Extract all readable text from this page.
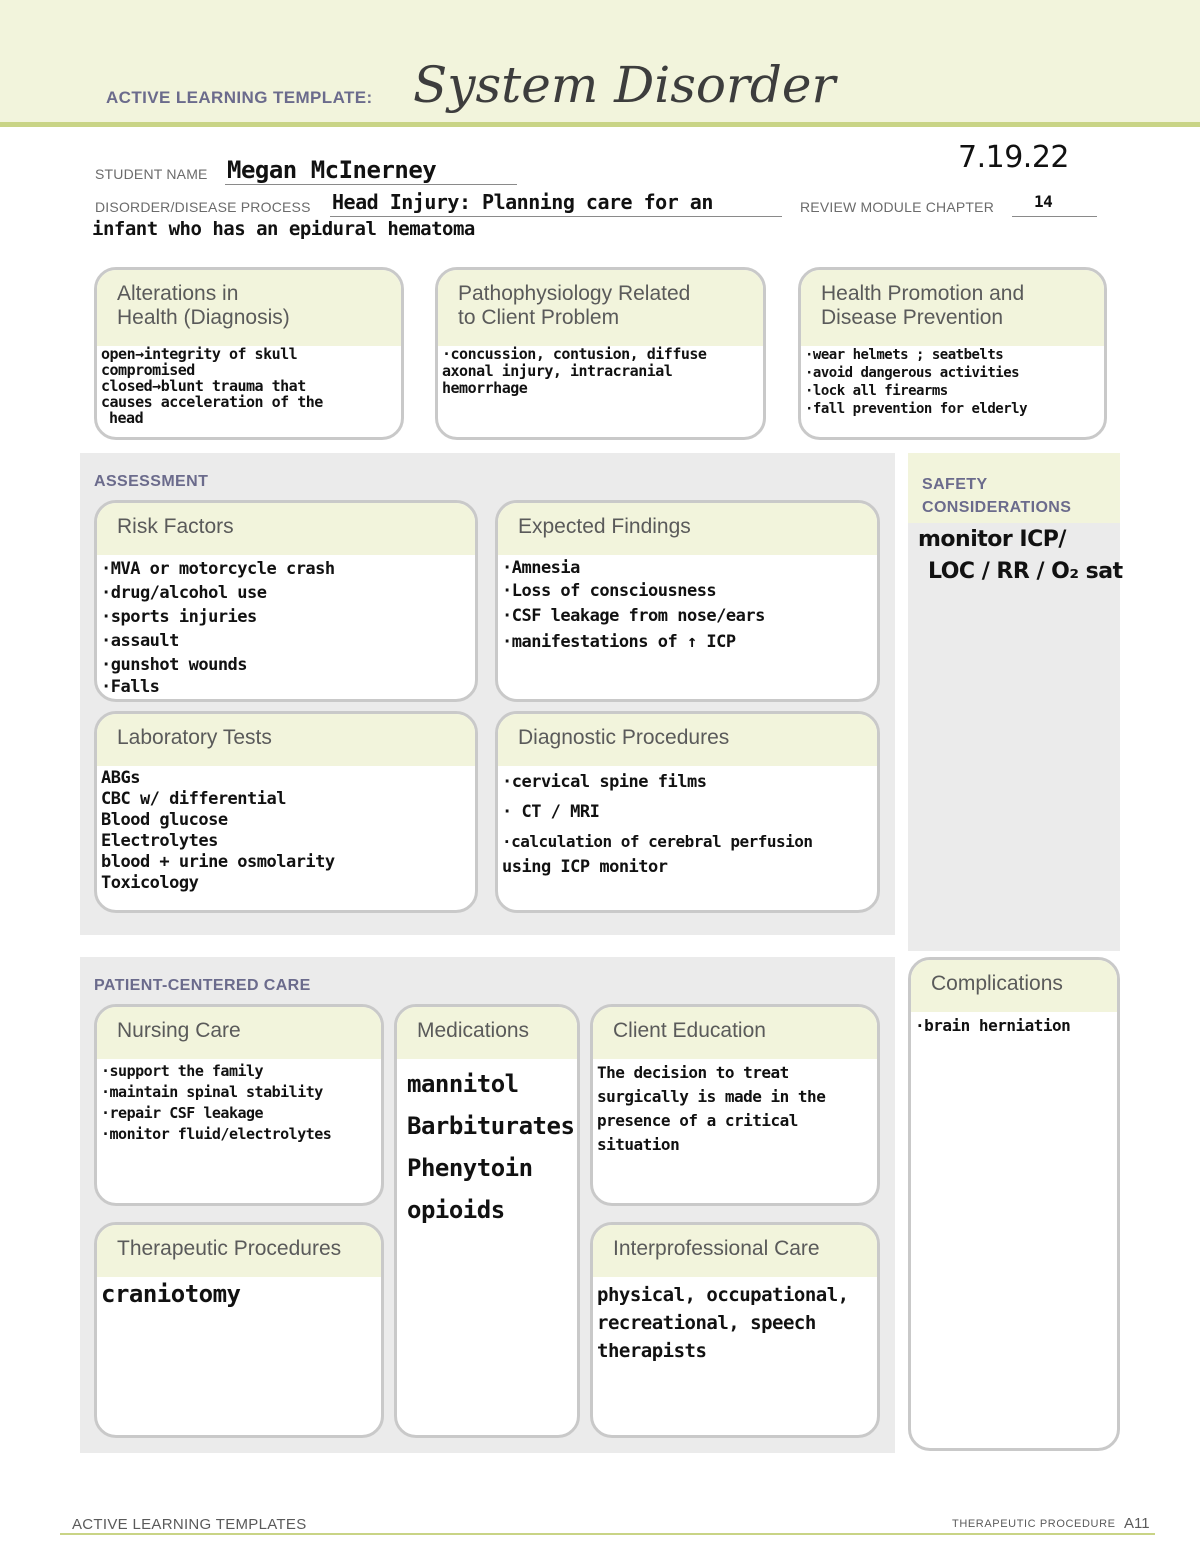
ACTIVE LEARNING TEMPLATE: System Disorder
STUDENT NAME Megan McInerney	7.19.22
DISORDER/DISEASE PROCESS Head Injury: Planning care for an	REVIEW MODULE CHAPTER	14
infant who has an epidural hematoma
Alterations in
Health (Diagnosis)
open→integrity of skull
compromised
closed→blunt trauma that
causes acceleration of the
head
Pathophysiology Related
to Client Problem
·concussion, contusion, diffuse
axonal injury, intracranial
hemorrhage
Health Promotion and
Disease Prevention
·wear helmets ; seatbelts
·avoid dangerous activities
·lock all firearms
·fall prevention for elderly
ASSESSMENT
Risk Factors
·MVA or motorcycle crash
·drug/alcohol use
·sports injuries
·assault
·gunshot wounds
·Falls
Expected Findings
·Amnesia
·Loss of consciousness
·CSF leakage from nose/ears
·manifestations of ↑ ICP
Laboratory Tests
ABGs
CBC w/ differential
Blood glucose
Electrolytes
blood + urine osmolarity
Toxicology
Diagnostic Procedures
·cervical spine films
· CT / MRI
·calculation of cerebral perfusion
using ICP monitor
SAFETY
CONSIDERATIONS
monitor ICP/
LOC / RR / O₂ sat
PATIENT-CENTERED CARE
Nursing Care
·support the family
·maintain spinal stability
·repair CSF leakage
·monitor fluid/electrolytes
Medications
mannitol
Barbiturates
Phenytoin
opioids
Client Education
The decision to treat
surgically is made in the
presence of a critical
situation
Therapeutic Procedures
craniotomy
Interprofessional Care
physical, occupational,
recreational, speech
therapists
Complications
·brain herniation
ACTIVE LEARNING TEMPLATES	THERAPEUTIC PROCEDURE A11
